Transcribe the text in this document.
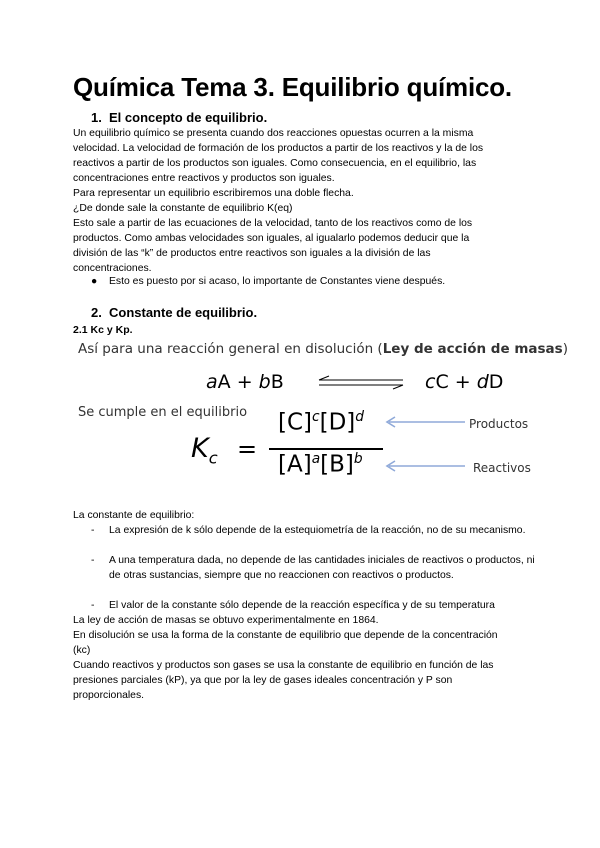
Química Tema 3. Equilibrio químico.
1. El concepto de equilibrio.
Un equilibrio químico se presenta cuando dos reacciones opuestas ocurren a la misma
velocidad. La velocidad de formación de los productos a partir de los reactivos y la de los
reactivos a partir de los productos son iguales. Como consecuencia, en el equilibrio, las
concentraciones entre reactivos y productos son iguales.
Para representar un equilibrio escribiremos una doble flecha.
¿De donde sale la constante de equilibrio K(eq)
Esto sale a partir de las ecuaciones de la velocidad, tanto de los reactivos como de los
productos. Como ambas velocidades son iguales, al igualarlo podemos deducir que la
división de las “k” de productos entre reactivos son iguales a la división de las
concentraciones.
● Esto es puesto por si acaso, lo importante de Constantes viene después.
2. Constante de equilibrio.
2.1 Kc y Kp.
Así para una reacción general en disolución (Ley de acción de masas)
aA + bB	cC + dD
Se cumple en el equilibrio
$K_c$ =
$[C]^c[D]^d$
$[A]^a[B]^b$
Productos
Reactivos
La constante de equilibrio:
- La expresión de k sólo depende de la estequiometría de la reacción, no de su mecanismo.
- A una temperatura dada, no depende de las cantidades iniciales de reactivos o productos, ni de otras sustancias, siempre que no reaccionen con reactivos o productos.
- El valor de la constante sólo depende de la reacción específica y de su temperatura
La ley de acción de masas se obtuvo experimentalmente en 1864.
En disolución se usa la forma de la constante de equilibrio que depende de la concentración
(kc)
Cuando reactivos y productos son gases se usa la constante de equilibrio en función de las
presiones parciales (kP), ya que por la ley de gases ideales concentración y P son
proporcionales.
